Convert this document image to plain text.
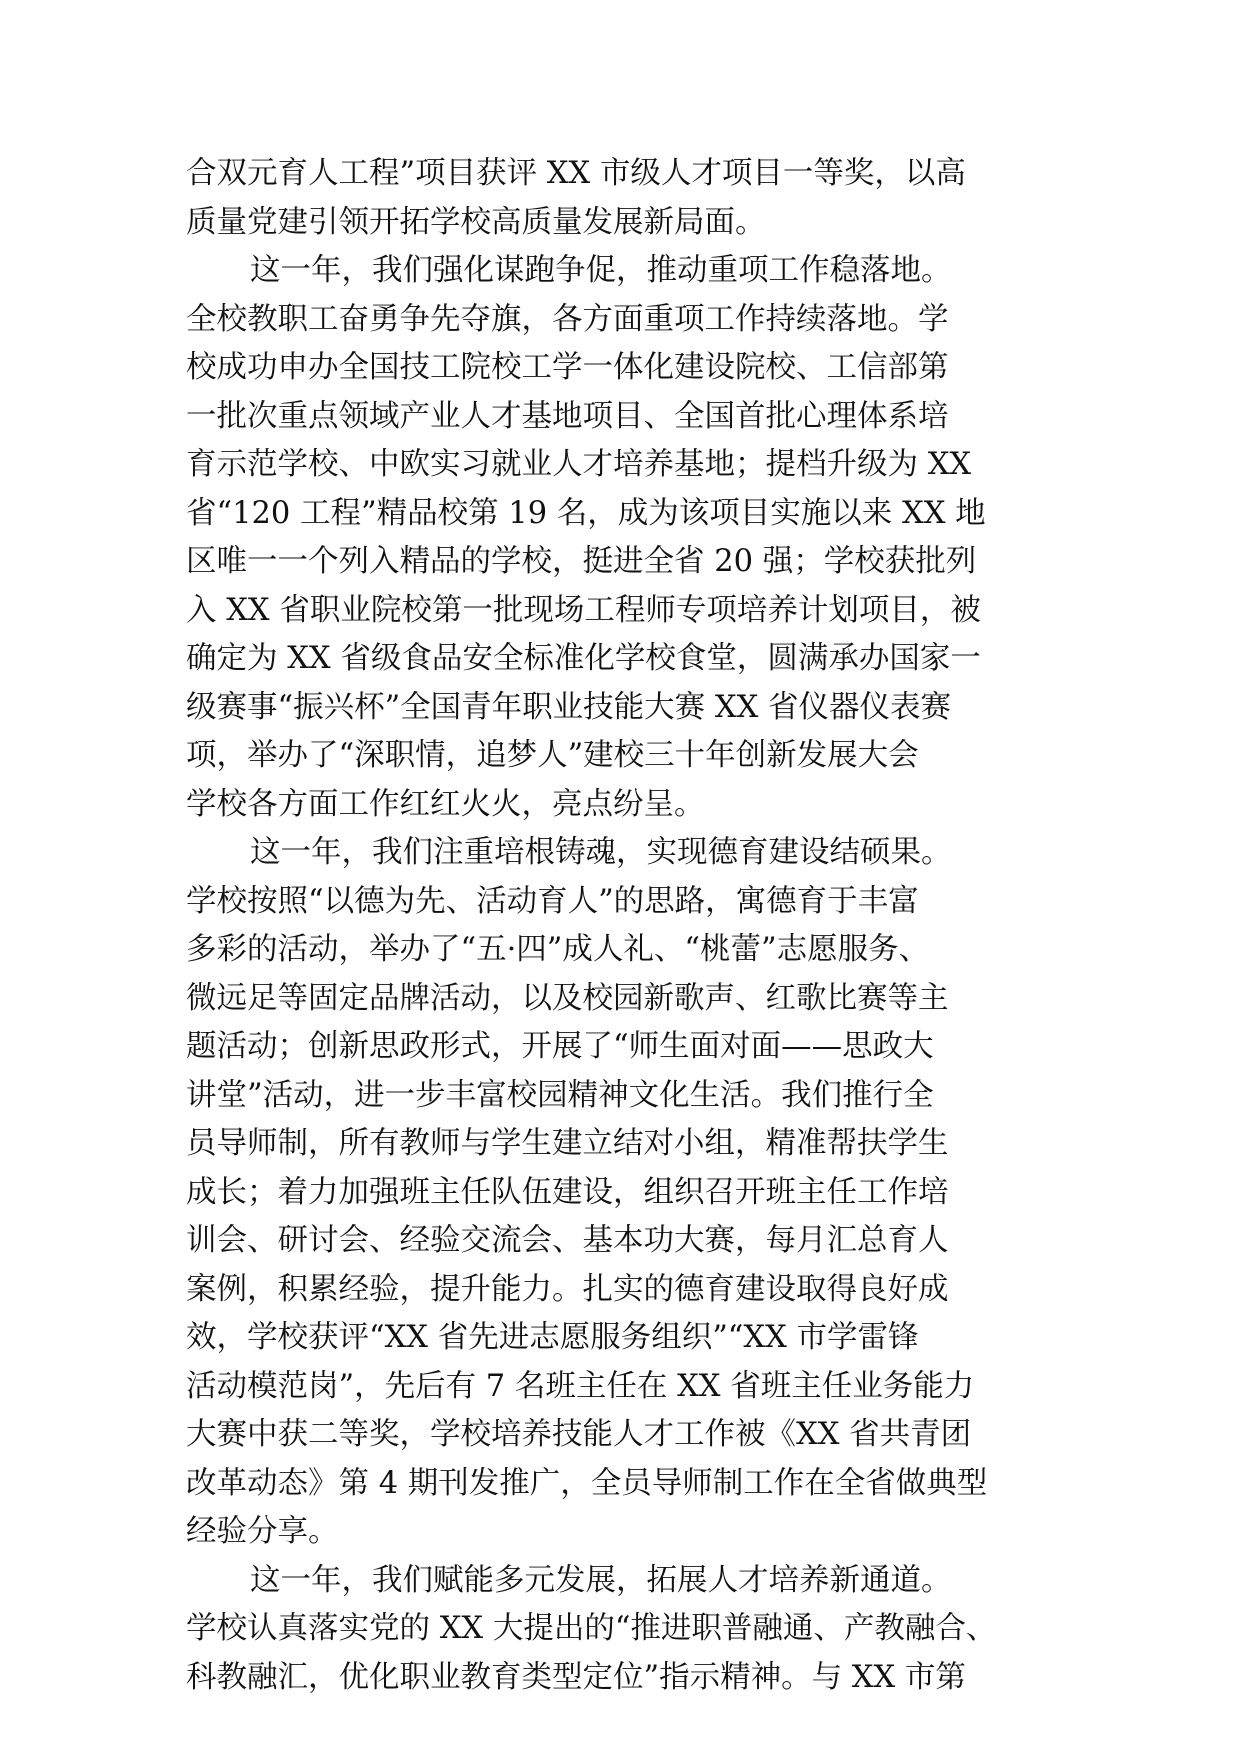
合双元育人工程”项目获评 XX 市级人才项目一等奖，以高
质量党建引领开拓学校高质量发展新局面。
这一年，我们强化谋跑争促，推动重项工作稳落地。
全校教职工奋勇争先夺旗，各方面重项工作持续落地。学
校成功申办全国技工院校工学一体化建设院校、工信部第
一批次重点领域产业人才基地项目、全国首批心理体系培
育示范学校、中欧实习就业人才培养基地；提档升级为 XX
省“120 工程”精品校第 19 名，成为该项目实施以来 XX 地
区唯一一个列入精品的学校，挺进全省 20 强；学校获批列
入 XX 省职业院校第一批现场工程师专项培养计划项目，被
确定为 XX 省级食品安全标准化学校食堂，圆满承办国家一
级赛事“振兴杯”全国青年职业技能大赛 XX 省仪器仪表赛
项，举办了“深职情，追梦人”建校三十年创新发展大会
学校各方面工作红红火火，亮点纷呈。
这一年，我们注重培根铸魂，实现德育建设结硕果。
学校按照“以德为先、活动育人”的思路，寓德育于丰富
多彩的活动，举办了“五·四”成人礼、“桃蕾”志愿服务、
微远足等固定品牌活动，以及校园新歌声、红歌比赛等主
题活动；创新思政形式，开展了“师生面对面——思政大
讲堂”活动，进一步丰富校园精神文化生活。我们推行全
员导师制，所有教师与学生建立结对小组，精准帮扶学生
成长；着力加强班主任队伍建设，组织召开班主任工作培
训会、研讨会、经验交流会、基本功大赛，每月汇总育人
案例，积累经验，提升能力。扎实的德育建设取得良好成
效，学校获评“XX 省先进志愿服务组织”“XX 市学雷锋
活动模范岗”，先后有 7 名班主任在 XX 省班主任业务能力
大赛中获二等奖，学校培养技能人才工作被《XX 省共青团
改革动态》第 4 期刊发推广，全员导师制工作在全省做典型
经验分享。
这一年，我们赋能多元发展，拓展人才培养新通道。
学校认真落实党的 XX 大提出的“推进职普融通、产教融合、
科教融汇，优化职业教育类型定位”指示精神。与 XX 市第
